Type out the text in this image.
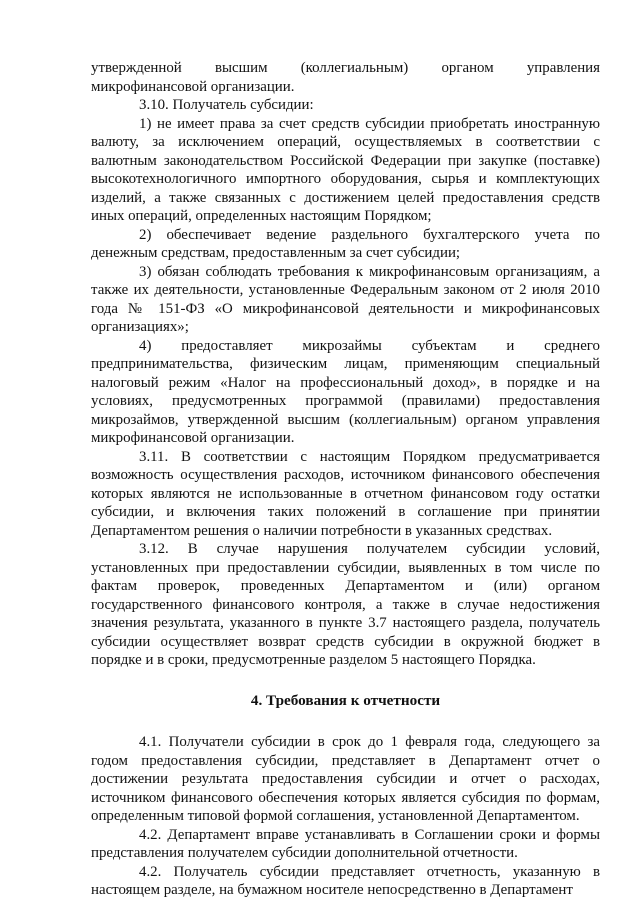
утвержденной высшим (коллегиальным) органом управления микрофинансовой организации.

3.10. Получатель субсидии:

1) не имеет права за счет средств субсидии приобретать иностранную валюту, за исключением операций, осуществляемых в соответствии с валютным законодательством Российской Федерации при закупке (поставке) высокотехнологичного импортного оборудования, сырья и комплектующих изделий, а также связанных с достижением целей предоставления средств иных операций, определенных настоящим Порядком;

2) обеспечивает ведение раздельного бухгалтерского учета по денежным средствам, предоставленным за счет субсидии;

3) обязан соблюдать требования к микрофинансовым организациям, а также их деятельности, установленные Федеральным законом от 2 июля 2010 года № 151-ФЗ «О микрофинансовой деятельности и микрофинансовых организациях»;

4) предоставляет микрозаймы субъектам и среднего предпринимательства, физическим лицам, применяющим специальный налоговый режим «Налог на профессиональный доход», в порядке и на условиях, предусмотренных программой (правилами) предоставления микрозаймов, утвержденной высшим (коллегиальным) органом управления микрофинансовой организации.

3.11. В соответствии с настоящим Порядком предусматривается возможность осуществления расходов, источником финансового обеспечения которых являются не использованные в отчетном финансовом году остатки субсидии, и включения таких положений в соглашение при принятии Департаментом решения о наличии потребности в указанных средствах.

3.12. В случае нарушения получателем субсидии условий, установленных при предоставлении субсидии, выявленных в том числе по фактам проверок, проведенных Департаментом и (или) органом государственного финансового контроля, а также в случае недостижения значения результата, указанного в пункте 3.7 настоящего раздела, получатель субсидии осуществляет возврат средств субсидии в окружной бюджет в порядке и в сроки, предусмотренные разделом 5 настоящего Порядка.

4. Требования к отчетности

4.1. Получатели субсидии в срок до 1 февраля года, следующего за годом предоставления субсидии, представляет в Департамент отчет о достижении результата предоставления субсидии и отчет о расходах, источником финансового обеспечения которых является субсидия по формам, определенным типовой формой соглашения, установленной Департаментом.

4.2. Департамент вправе устанавливать в Соглашении сроки и формы представления получателем субсидии дополнительной отчетности.

4.2. Получатель субсидии представляет отчетность, указанную в настоящем разделе, на бумажном носителе непосредственно в Департамент
